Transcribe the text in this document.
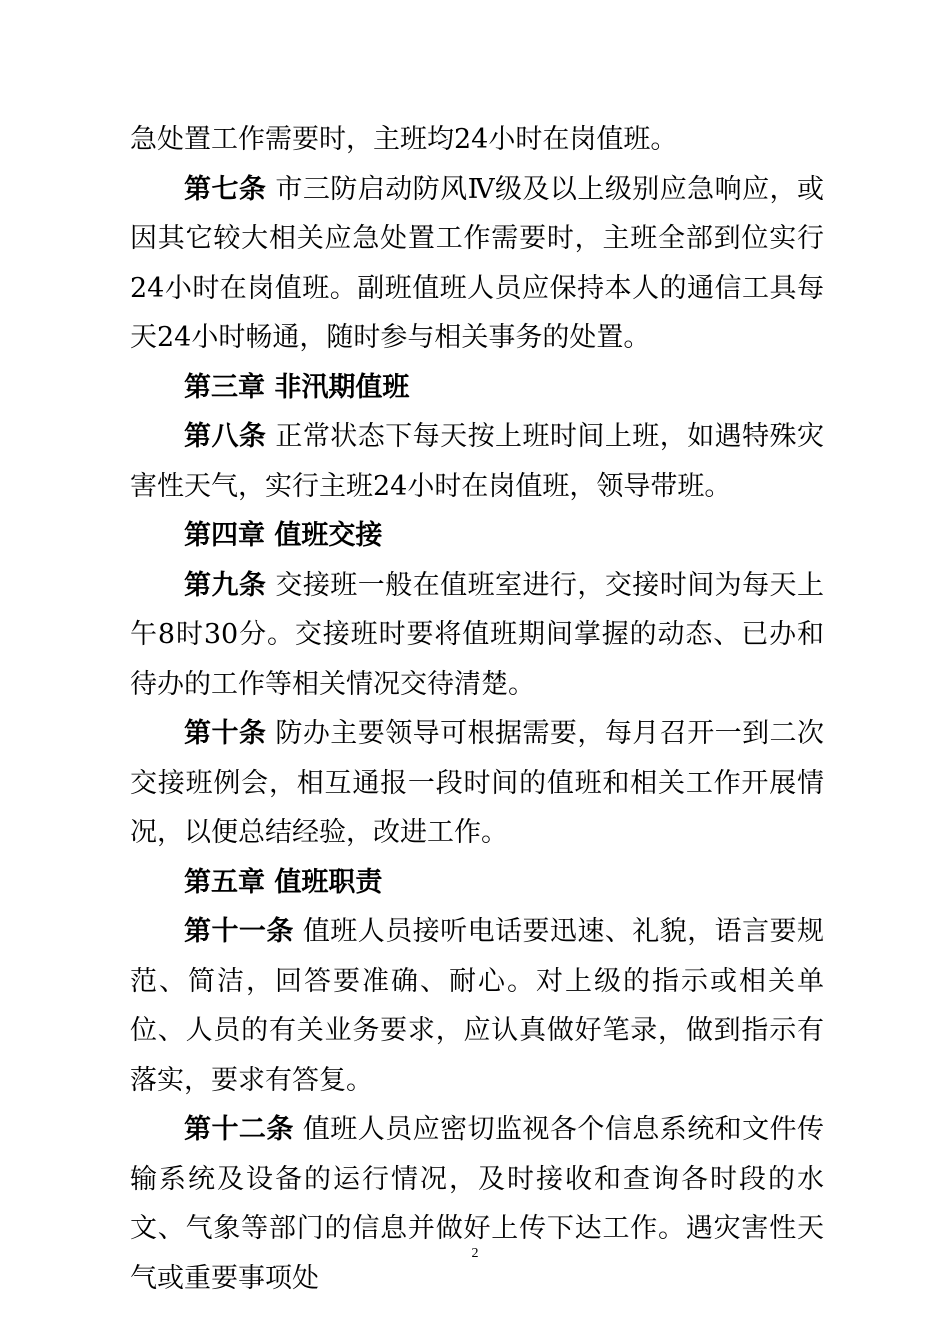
急处置工作需要时，主班均24小时在岗值班。

第七条 市三防启动防风Ⅳ级及以上级别应急响应，或因其它较大相关应急处置工作需要时，主班全部到位实行24小时在岗值班。副班值班人员应保持本人的通信工具每天24小时畅通，随时参与相关事务的处置。

第三章 非汛期值班

第八条 正常状态下每天按上班时间上班，如遇特殊灾害性天气，实行主班24小时在岗值班，领导带班。

第四章 值班交接

第九条 交接班一般在值班室进行，交接时间为每天上午8时30分。交接班时要将值班期间掌握的动态、已办和待办的工作等相关情况交待清楚。

第十条 防办主要领导可根据需要，每月召开一到二次交接班例会，相互通报一段时间的值班和相关工作开展情况，以便总结经验，改进工作。

第五章 值班职责

第十一条 值班人员接听电话要迅速、礼貌，语言要规范、简洁，回答要准确、耐心。对上级的指示或相关单位、人员的有关业务要求，应认真做好笔录，做到指示有落实，要求有答复。

第十二条 值班人员应密切监视各个信息系统和文件传输系统及设备的运行情况，及时接收和查询各时段的水文、气象等部门的信息并做好上传下达工作。遇灾害性天气或重要事项处

2
